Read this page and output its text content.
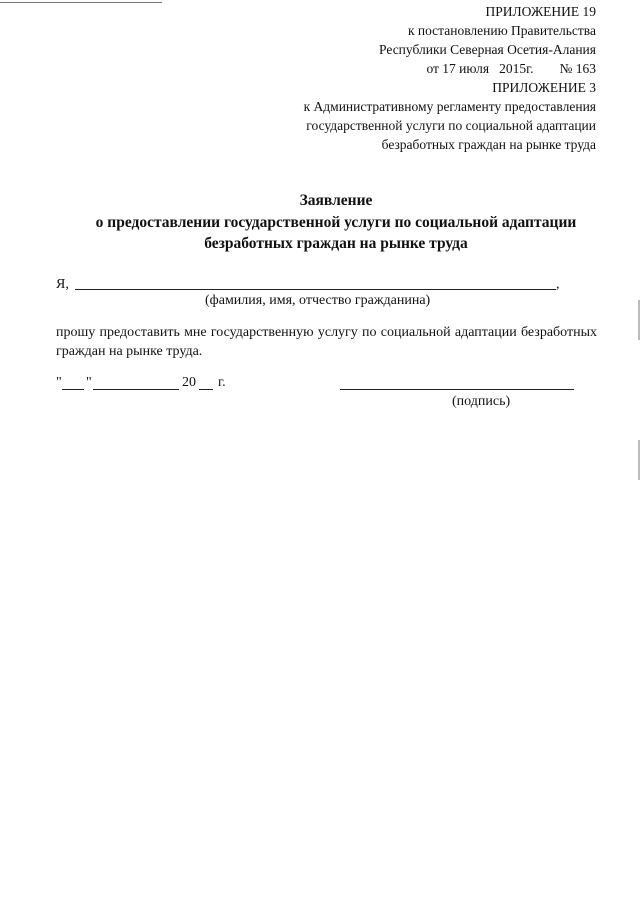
ПРИЛОЖЕНИЕ 19
к постановлению Правительства
Республики Северная Осетия-Алания
от 17 июля 2015г. № 163
ПРИЛОЖЕНИЕ 3
к Административному регламенту предоставления
государственной услуги по социальной адаптации
безработных граждан на рынке труда
Заявление
о предоставлении государственной услуги по социальной адаптации
безработных граждан на рынке труда
Я,	,
(фамилия, имя, отчество гражданина)
прошу предоставить мне государственную услугу по социальной адаптации безработных граждан на рынке труда.
" "	20 г.
(подпись)
